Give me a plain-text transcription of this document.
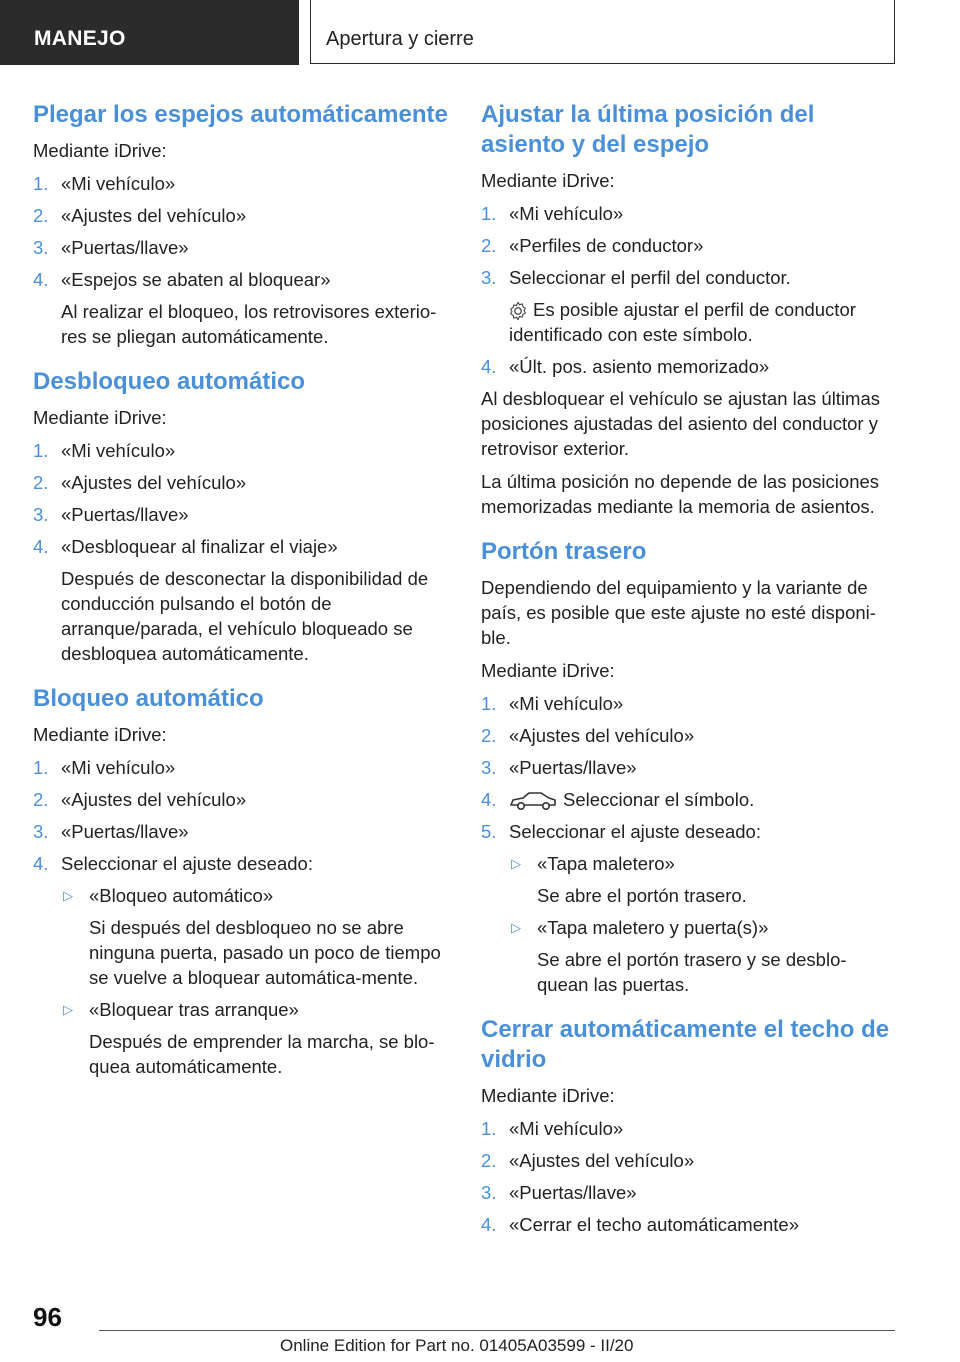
MANEJO	Apertura y cierre
Plegar los espejos automáticamente

Mediante iDrive:

1. «Mi vehículo»
2. «Ajustes del vehículo»
3. «Puertas/llave»
4. «Espejos se abaten al bloquear»
Al realizar el bloqueo, los retrovisores exterio-res se pliegan automáticamente.
Desbloqueo automático

Mediante iDrive:

1. «Mi vehículo»
2. «Ajustes del vehículo»
3. «Puertas/llave»
4. «Desbloquear al finalizar el viaje»
Después de desconectar la disponibilidad de conducción pulsando el botón de arranque/parada, el vehículo bloqueado se desbloquea automáticamente.
Bloqueo automático

Mediante iDrive:

1. «Mi vehículo»
2. «Ajustes del vehículo»
3. «Puertas/llave»
4. Seleccionar el ajuste deseado:
▷ «Bloqueo automático»
Si después del desbloqueo no se abre ninguna puerta, pasado un poco de tiempo se vuelve a bloquear automática-mente.
▷ «Bloquear tras arranque»
Después de emprender la marcha, se blo-quea automáticamente.
Ajustar la última posición del asiento y del espejo

Mediante iDrive:

1. «Mi vehículo»
2. «Perfiles de conductor»
3. Seleccionar el perfil del conductor.
Es posible ajustar el perfil de conductor identificado con este símbolo.
4. «Últ. pos. asiento memorizado»

Al desbloquear el vehículo se ajustan las últimas posiciones ajustadas del asiento del conductor y retrovisor exterior.

La última posición no depende de las posiciones memorizadas mediante la memoria de asientos.

Portón trasero

Dependiendo del equipamiento y la variante de país, es posible que este ajuste no esté disponi-ble.

Mediante iDrive:

1. «Mi vehículo»
2. «Ajustes del vehículo»
3. «Puertas/llave»
4.	Seleccionar el símbolo.
5. Seleccionar el ajuste deseado:
▷ «Tapa maletero»
Se abre el portón trasero.
▷ «Tapa maletero y puerta(s)»
Se abre el portón trasero y se desblo-quean las puertas.
Cerrar automáticamente el techo de vidrio

Mediante iDrive:

1. «Mi vehículo»
2. «Ajustes del vehículo»
3. «Puertas/llave»
4. «Cerrar el techo automáticamente»
96
Online Edition for Part no. 01405A03599 - II/20
